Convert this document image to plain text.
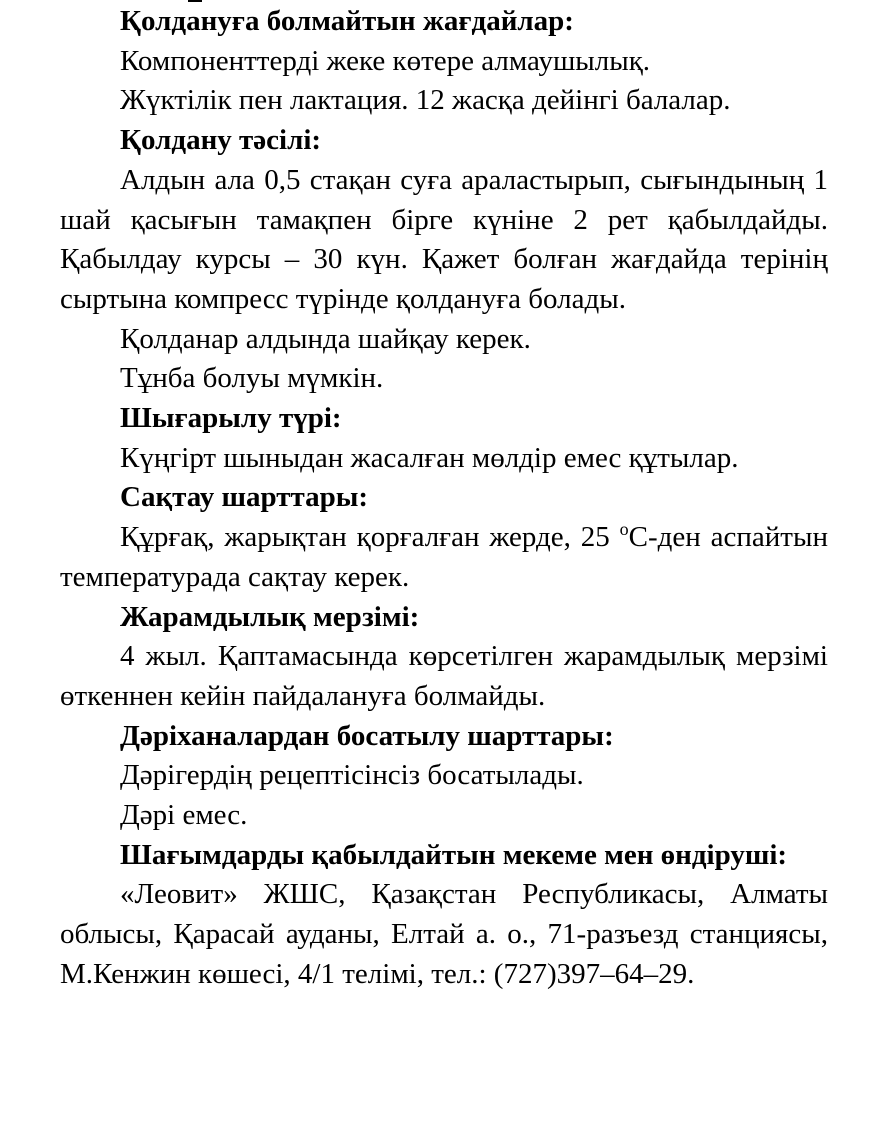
Қолдануға болмайтын жағдайлар:

Компоненттерді жеке көтере алмаушылық.

Жүктілік пен лактация. 12 жасқа дейінгі балалар.

Қолдану тәсілі:

Алдын ала 0,5 стақан суға араластырып, сығындының 1 шай қасығын тамақпен бірге күніне 2 рет қабылдайды. Қабылдау курсы – 30 күн. Қажет болған жағдайда терінің сыртына компресс түрінде қолдануға болады.

Қолданар алдында шайқау керек.

Тұнба болуы мүмкін.

Шығарылу түрі:

Күңгірт шыныдан жасалған мөлдір емес құтылар.

Сақтау шарттары:

Құрғақ, жарықтан қорғалған жерде, 25 $^о$С-ден аспайтын температурада сақтау керек.

Жарамдылық мерзімі:

4 жыл. Қаптамасында көрсетілген жарамдылық мерзімі өткеннен кейін пайдалануға болмайды.

Дәріханалардан босатылу шарттары:

Дәрігердің рецептісінсіз босатылады.

Дәрі емес.

Шағымдарды қабылдайтын мекеме мен өндіруші:

«Леовит» ЖШС, Қазақстан Республикасы, Алматы облысы, Қарасай ауданы, Елтай а. о., 71-разъезд станциясы, М.Кенжин көшесі, 4/1 телімі, тел.: (727)397–64–29.
